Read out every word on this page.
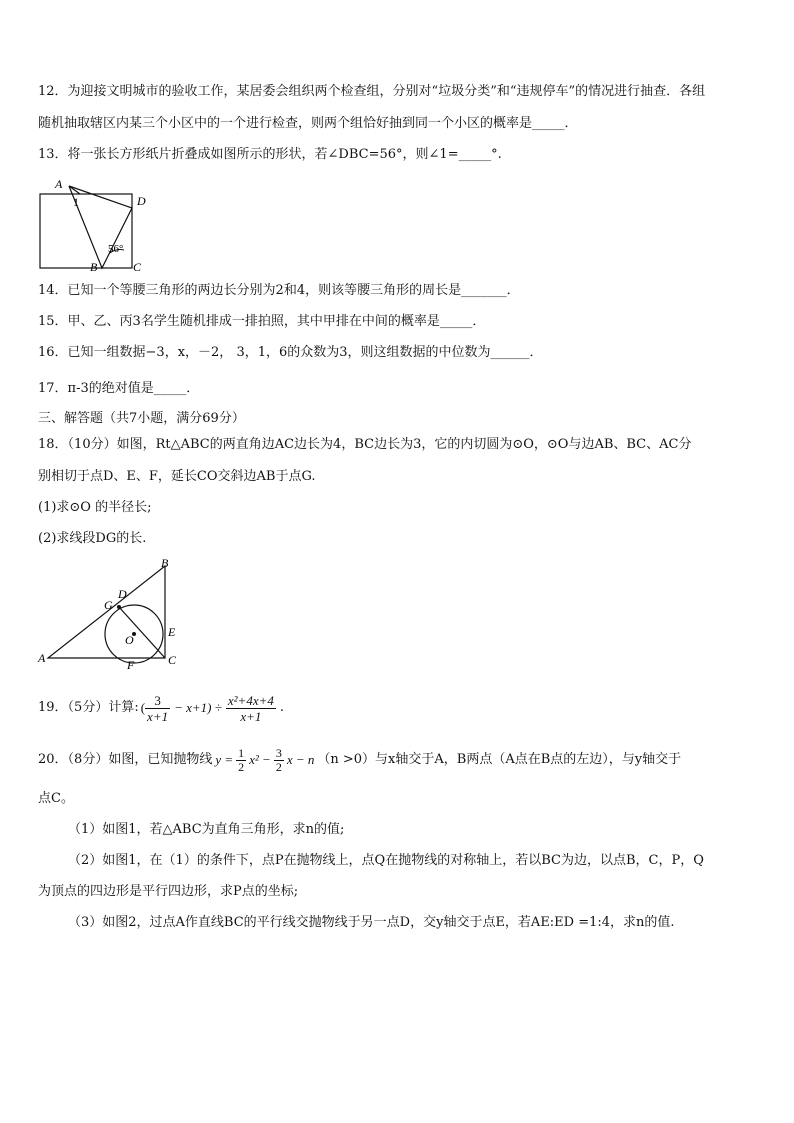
12．为迎接文明城市的验收工作，某居委会组织两个检查组，分别对“垃圾分类”和“违规停车”的情况进行抽查．各组
随机抽取辖区内某三个小区中的一个进行检查，则两个组恰好抽到同一个小区的概率是_____．
13．将一张长方形纸片折叠成如图所示的形状，若∠DBC=56°，则∠1=_____°.
A
1	D
56°
B	C
14．已知一个等腰三角形的两边长分别为2和4，则该等腰三角形的周长是_______．
15．甲、乙、丙3名学生随机排成一排拍照，其中甲排在中间的概率是_____．
16．已知一组数据−3，x，－2， 3，1，6的众数为3，则这组数据的中位数为______．
17．π-3的绝对值是_____．
三、解答题（共7小题，满分69分）
18．（10分）如图，Rt△ABC的两直角边AC边长为4，BC边长为3，它的内切圆为⊙O，⊙O与边AB、BC、AC分
别相切于点D、E、F，延长CO交斜边AB于点G.
(1)求⊙O 的半径长;
(2)求线段DG的长.
B
D
G
O
E
A	F	C
19．（5分）计算: ( $\frac{3}{x+1} - x+1) \div \frac{\text{x²+4x+4}}{x+1}$ .
20．（8分）如图，已知抛物线 $y = \frac{1}{2} x^2 - \frac{3}{2}$ x − n （n >0）与x轴交于A，B两点（A点在B点的左边），与y轴交于
点C。
（1）如图1，若△ABC为直角三角形，求n的值;
（2）如图1，在（1）的条件下，点P在抛物线上，点Q在抛物线的对称轴上，若以BC为边，以点B，C，P，Q
为顶点的四边形是平行四边形，求P点的坐标;
（3）如图2，过点A作直线BC的平行线交抛物线于另一点D，交y轴交于点E，若AE:ED =1:4，求n的值.
